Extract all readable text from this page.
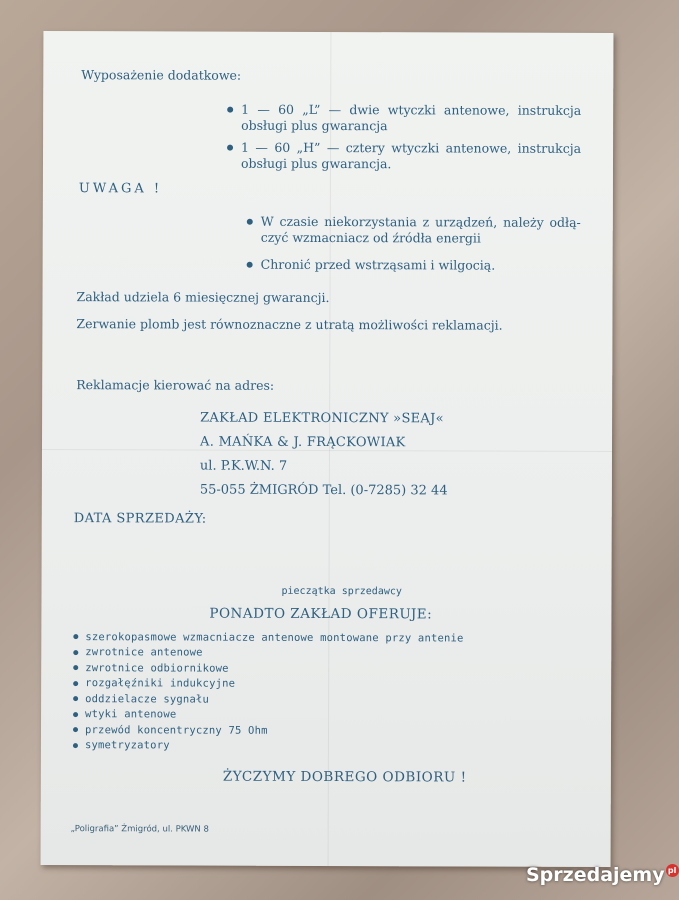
Wyposażenie dodatkowe:
1 — 60 „L” — dwie wtyczki antenowe, instrukcja
obsługi plus gwarancja
1 — 60 „H” — cztery wtyczki antenowe, instrukcja
obsługi plus gwarancja.
UWAGA !
W czasie niekorzystania z urządzeń, należy odłą-
czyć wzmacniacz od źródła energii
Chronić przed wstrząsami i wilgocią.
Zakład udziela 6 miesięcznej gwarancji.
Zerwanie plomb jest równoznaczne z utratą możliwości reklamacji.
Reklamacje kierować na adres:
ZAKŁAD ELEKTRONICZNY »SEAJ«
A. MAŃKA & J. FRĄCKOWIAK
ul. P.K.W.N. 7
55-055 ŻMIGRÓD Tel. (0-7285) 32 44
DATA SPRZEDAŻY:
pieczątka sprzedawcy
PONADTO ZAKŁAD OFERUJE:
szerokopasmowe wzmacniacze antenowe montowane przy antenie
zwrotnice antenowe
zwrotnice odbiornikowe
rozgałęźniki indukcyjne
oddzielacze sygnału
wtyki antenowe
przewód koncentryczny 75 Ohm
symetryzatory
ŻYCZYMY DOBREGO ODBIORU !
„Poligrafia” Żmigród, ul. PKWN 8
Sprzedajemy pl
